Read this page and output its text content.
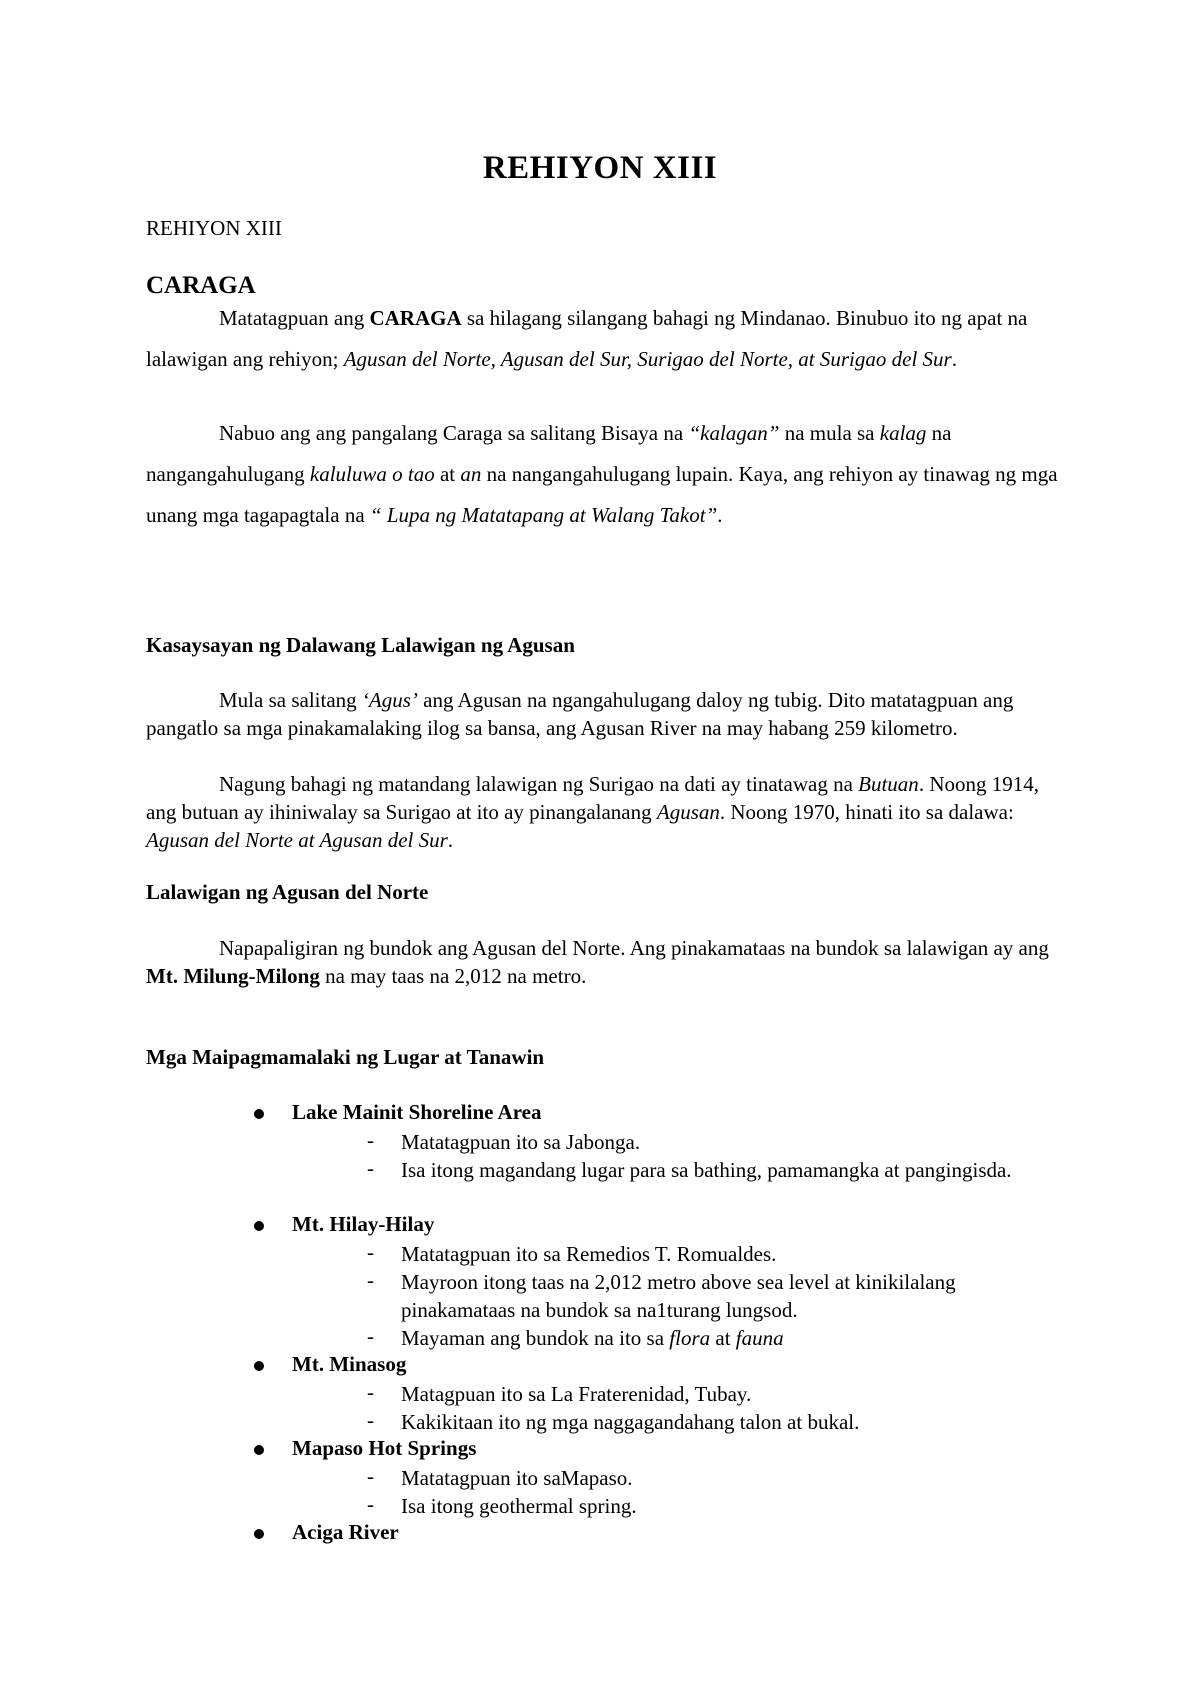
REHIYON XIII
REHIYON XIII
CARAGA
Matatagpuan ang CARAGA sa hilagang silangang bahagi ng Mindanao. Binubuo ito ng apat na lalawigan ang rehiyon; Agusan del Norte, Agusan del Sur, Surigao del Norte, at Surigao del Sur.
Nabuo ang ang pangalang Caraga sa salitang Bisaya na “kalagan” na mula sa kalag na nangangahulugang kaluluwa o tao at an na nangangahulugang lupain. Kaya, ang rehiyon ay tinawag ng mga unang mga tagapagtala na “ Lupa ng Matatapang at Walang Takot”.
Kasaysayan ng Dalawang Lalawigan ng Agusan
Mula sa salitang ‘Agus’ ang Agusan na ngangahulugang daloy ng tubig. Dito matatagpuan ang pangatlo sa mga pinakamalaking ilog sa bansa, ang Agusan River na may habang 259 kilometro.
Nagung bahagi ng matandang lalawigan ng Surigao na dati ay tinatawag na Butuan. Noong 1914, ang butuan ay ihiniwalay sa Surigao at ito ay pinangalanang Agusan. Noong 1970, hinati ito sa dalawa: Agusan del Norte at Agusan del Sur.
Lalawigan ng Agusan del Norte
Napapaligiran ng bundok ang Agusan del Norte. Ang pinakamataas na bundok sa lalawigan ay ang Mt. Milung-Milong na may taas na 2,012 na metro.
Mga Maipagmamalaki ng Lugar at Tanawin
Lake Mainit Shoreline Area
- Matatagpuan ito sa Jabonga.
- Isa itong magandang lugar para sa bathing, pamamangka at pangingisda.
Mt. Hilay-Hilay
- Matatagpuan ito sa Remedios T. Romualdes.
- Mayroon itong taas na 2,012 metro above sea level at kinikilalang pinakamataas na bundok sa na1turang lungsod.
- Mayaman ang bundok na ito sa flora at fauna
Mt. Minasog
- Matagpuan ito sa La Fraterenidad, Tubay.
- Kakikitaan ito ng mga naggagandahang talon at bukal.
Mapaso Hot Springs
- Matatagpuan ito saMapaso.
- Isa itong geothermal spring.
Aciga River
